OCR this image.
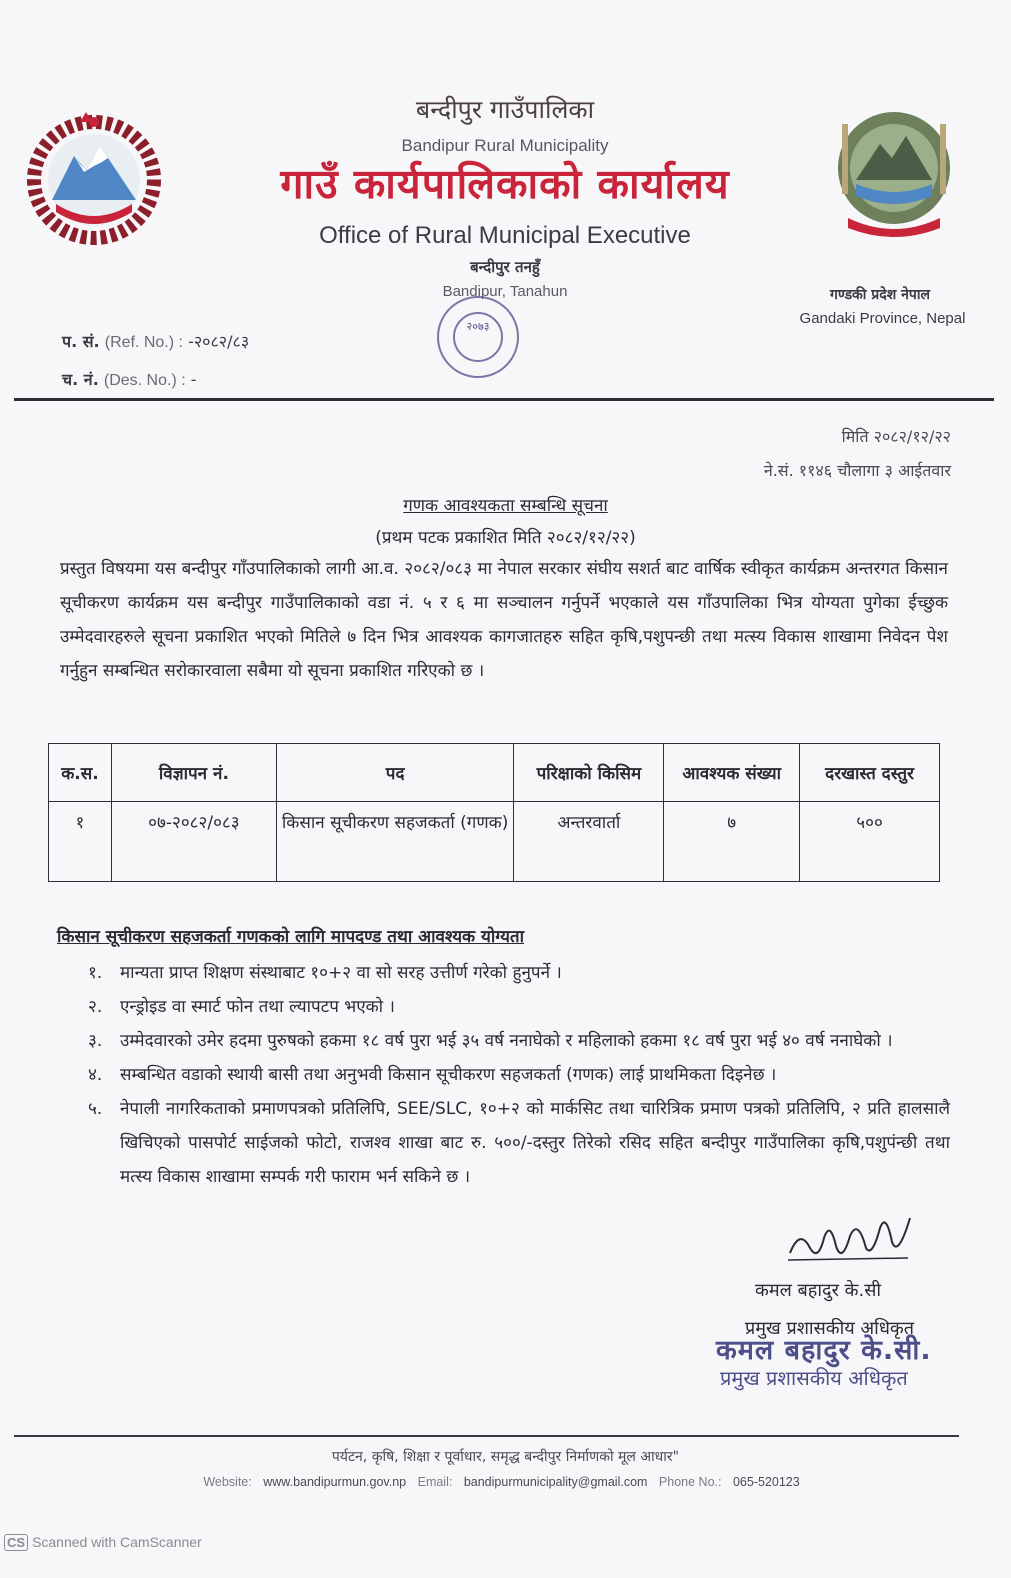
बन्दीपुर गाउँपालिका
Bandipur Rural Municipality
गाउँ कार्यपालिकाको कार्यालय
Office of Rural Municipal Executive
बन्दीपुर तनहुँ
Bandipur, Tanahun
२०७३
गण्डकी प्रदेश नेपाल
Gandaki Province, Nepal
प. सं. (Ref. No.) : -२०८२/८३
च. नं. (Des. No.) : -
मिति २०८२/१२/२२
ने.सं. ११४६ चौलागा ३ आईतवार
गणक आवश्यकता सम्बन्धि सूचना
(प्रथम पटक प्रकाशित मिति २०८२/१२/२२)
प्रस्तुत विषयमा यस बन्दीपुर गाँउपालिकाको लागी आ.व. २०८२/०८३ मा नेपाल सरकार संघीय सशर्त बाट वार्षिक स्वीकृत कार्यक्रम अन्तरगत किसान सूचीकरण कार्यक्रम यस बन्दीपुर गाउँपालिकाको वडा नं. ५ र ६ मा सञ्चालन गर्नुपर्ने भएकाले यस गाँउपालिका भित्र योग्यता पुगेका ईच्छुक उम्मेदवारहरुले सूचना प्रकाशित भएको मितिले ७ दिन भित्र आवश्यक कागजातहरु सहित कृषि,पशुपन्छी तथा मत्स्य विकास शाखामा निवेदन पेश गर्नुहुन सम्बन्धित सरोकारवाला सबैमा यो सूचना प्रकाशित गरिएको छ ।
क.स.	विज्ञापन नं.	पद	परिक्षाको किसिम	आवश्यक संख्या	दरखास्त दस्तुर
१	०७-२०८२/०८३	किसान सूचीकरण सहजकर्ता (गणक)	अन्तरवार्ता	७	५००
किसान सूचीकरण सहजकर्ता गणकको लागि मापदण्ड तथा आवश्यक योग्यता
१.	मान्यता प्राप्त शिक्षण संस्थाबाट १०+२ वा सो सरह उत्तीर्ण गरेको हुनुपर्ने ।
२.	एन्ड्रोइड वा स्मार्ट फोन तथा ल्यापटप भएको ।
३.	उम्मेदवारको उमेर हदमा पुरुषको हकमा १८ वर्ष पुरा भई ३५ वर्ष ननाघेको र महिलाको हकमा १८ वर्ष पुरा भई ४० वर्ष ननाघेको ।
४.	सम्बन्धित वडाको स्थायी बासी तथा अनुभवी किसान सूचीकरण सहजकर्ता (गणक) लाई प्राथमिकता दिइनेछ ।
५.	नेपाली नागरिकताको प्रमाणपत्रको प्रतिलिपि, SEE/SLC, १०+२ को मार्कसिट तथा चारित्रिक प्रमाण पत्रको प्रतिलिपि, २ प्रति हालसालै खिचिएको पासपोर्ट साईजको फोटो, राजश्व शाखा बाट रु. ५००/-दस्तुर तिरेको रसिद सहित बन्दीपुर गाउँपालिका कृषि,पशुपंन्छी तथा मत्स्य विकास शाखामा सम्पर्क गरी फाराम भर्न सकिने छ ।
कमल बहादुर के.सी
प्रमुख प्रशासकीय अधिकृत
कमल बहादुर के.सी.
प्रमुख प्रशासकीय अधिकृत
पर्यटन, कृषि, शिक्षा र पूर्वाधार, समृद्ध बन्दीपुर निर्माणको मूल आधार"
Website: www.bandipurmun.gov.np Email: bandipurmunicipality@gmail.com Phone No.: 065-520123
CS Scanned with CamScanner
